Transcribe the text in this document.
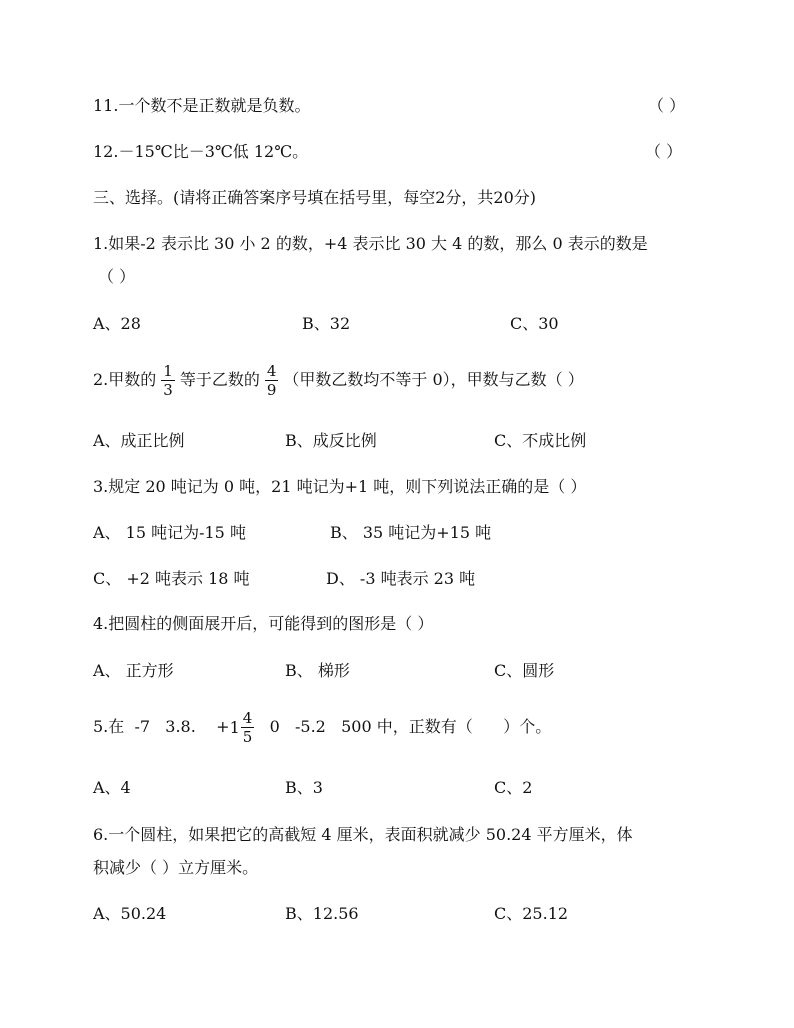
11.一个数不是正数就是负数。	（ ）
12.－15℃比－3℃低 12℃。	（ ）
三、选择。(请将正确答案序号填在括号里，每空2分，共20分)
1.如果-2 表示比 30 小 2 的数，+4 表示比 30 大 4 的数，那么 0 表示的数是
（ ）
A、28	B、32	C、30
2.甲数的 $\frac{1}{3}$ 等于乙数的 $\frac{4}{9}$ （甲数乙数均不等于 0），甲数与乙数（ ）
A、成正比例	B、成反比例	C、不成比例
3.规定 20 吨记为 0 吨，21 吨记为+1 吨，则下列说法正确的是（ ）
A、 15 吨记为-15 吨	B、 35 吨记为+15 吨
C、 +2 吨表示 18 吨	D、 -3 吨表示 23 吨
4.把圆柱的侧面展开后，可能得到的图形是（ ）
A、 正方形	B、 梯形	C、圆形
5.在  -7   3.8.    + $1 \frac{4}{5} 0$   -5.2   500 中，正数有（      ）个。
A、4	B、3	C、2
6.一个圆柱，如果把它的高截短 4 厘米，表面积就减少 50.24 平方厘米，体
积减少（ ）立方厘米。
A、50.24	B、12.56	C、25.12
